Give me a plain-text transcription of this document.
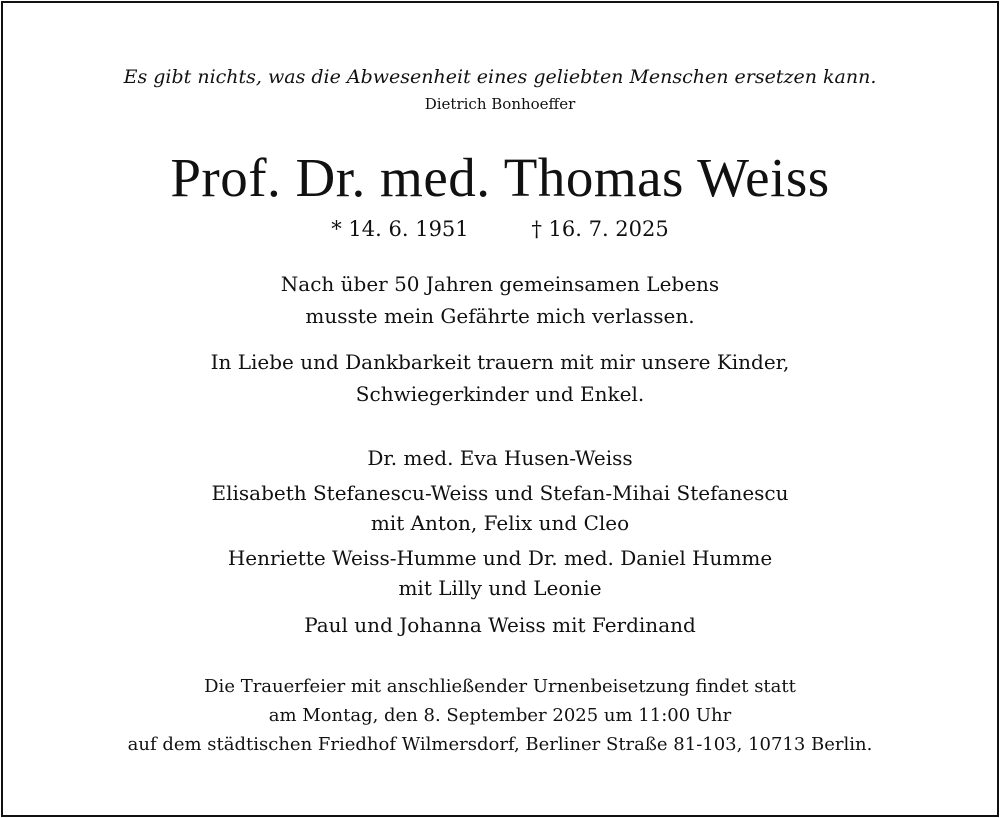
Es gibt nichts, was die Abwesenheit eines geliebten Menschen ersetzen kann.
Dietrich Bonhoeffer
Prof. Dr. med. Thomas Weiss
* 14. 6. 1951	† 16. 7. 2025
Nach über 50 Jahren gemeinsamen Lebens
musste mein Gefährte mich verlassen.
In Liebe und Dankbarkeit trauern mit mir unsere Kinder,
Schwiegerkinder und Enkel.
Dr. med. Eva Husen-Weiss
Elisabeth Stefanescu-Weiss und Stefan-Mihai Stefanescu
mit Anton, Felix und Cleo
Henriette Weiss-Humme und Dr. med. Daniel Humme
mit Lilly und Leonie
Paul und Johanna Weiss mit Ferdinand
Die Trauerfeier mit anschließender Urnenbeisetzung findet statt
am Montag, den 8. September 2025 um 11:00 Uhr
auf dem städtischen Friedhof Wilmersdorf, Berliner Straße 81-103, 10713 Berlin.
